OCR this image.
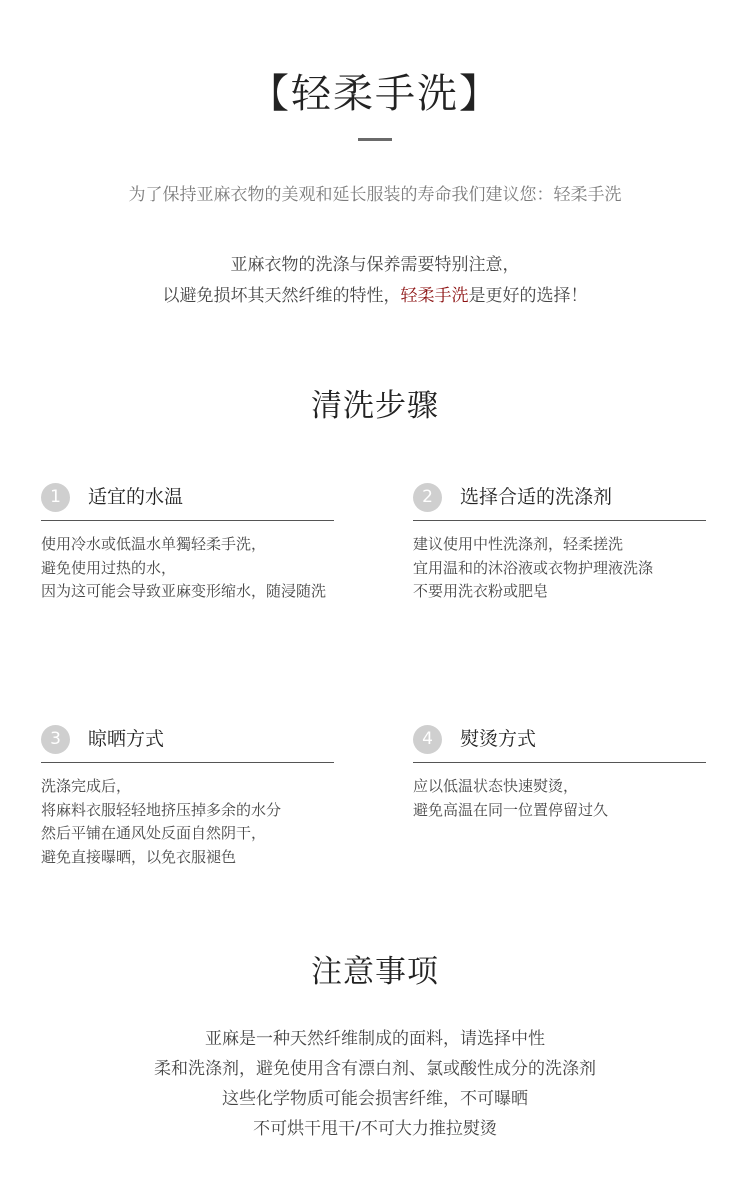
【轻柔手洗】
为了保持亚麻衣物的美观和延长服装的寿命我们建议您：轻柔手洗
亚麻衣物的洗涤与保养需要特别注意，
以避免损坏其天然纤维的特性，轻柔手洗是更好的选择！
清洗步骤
1	适宜的水温
使用冷水或低温水单獨轻柔手洗，
避免使用过热的水，
因为这可能会导致亚麻变形缩水，随浸随洗
2	选择合适的洗涤剂
建议使用中性洗涤剂，轻柔搓洗
宜用温和的沐浴液或衣物护理液洗涤
不要用洗衣粉或肥皂
3	晾晒方式
洗涤完成后，
将麻料衣服轻轻地挤压掉多余的水分
然后平铺在通风处反面自然阴干，
避免直接曝晒，以免衣服褪色
4	熨烫方式
应以低温状态快速熨烫，
避免高温在同一位置停留过久
注意事项
亚麻是一种天然纤维制成的面料，请选择中性
柔和洗涤剂，避免使用含有漂白剂、氯或酸性成分的洗涤剂
这些化学物质可能会损害纤维，不可曝晒
不可烘干甩干/不可大力推拉熨烫
